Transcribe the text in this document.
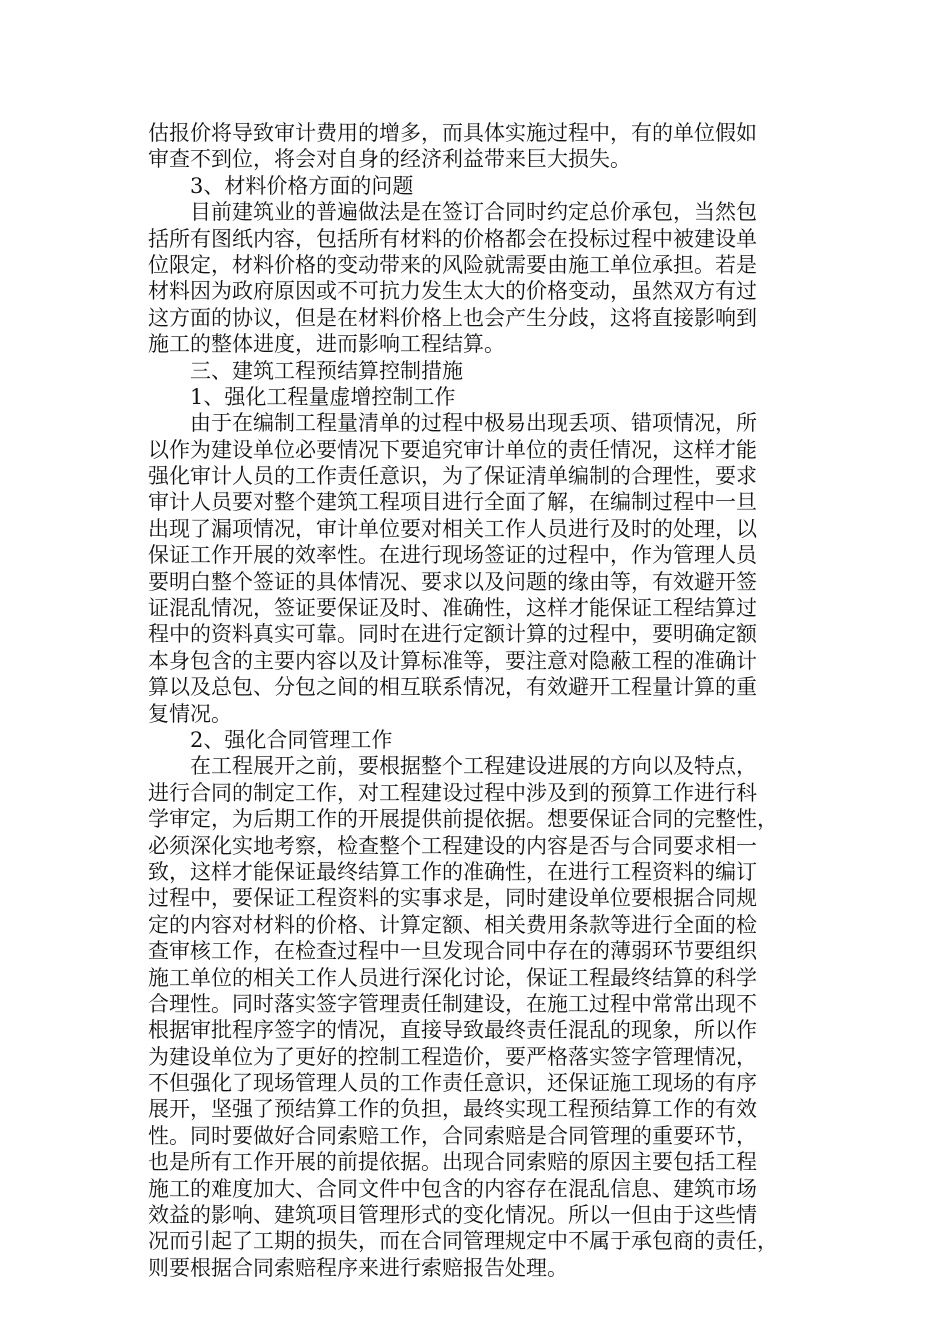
估报价将导致审计费用的增多，而具体实施过程中，有的单位假如
审查不到位，将会对自身的经济利益带来巨大损失。
3、材料价格方面的问题
目前建筑业的普遍做法是在签订合同时约定总价承包，当然包
括所有图纸内容，包括所有材料的价格都会在投标过程中被建设单
位限定，材料价格的变动带来的风险就需要由施工单位承担。若是
材料因为政府原因或不可抗力发生太大的价格变动，虽然双方有过
这方面的协议，但是在材料价格上也会产生分歧，这将直接影响到
施工的整体进度，进而影响工程结算。
三、建筑工程预结算控制措施
1、强化工程量虚增控制工作
由于在编制工程量清单的过程中极易出现丢项、错项情况，所
以作为建设单位必要情况下要追究审计单位的责任情况，这样才能
强化审计人员的工作责任意识，为了保证清单编制的合理性，要求
审计人员要对整个建筑工程项目进行全面了解，在编制过程中一旦
出现了漏项情况，审计单位要对相关工作人员进行及时的处理，以
保证工作开展的效率性。在进行现场签证的过程中，作为管理人员
要明白整个签证的具体情况、要求以及问题的缘由等，有效避开签
证混乱情况，签证要保证及时、准确性，这样才能保证工程结算过
程中的资料真实可靠。同时在进行定额计算的过程中，要明确定额
本身包含的主要内容以及计算标准等，要注意对隐蔽工程的准确计
算以及总包、分包之间的相互联系情况，有效避开工程量计算的重
复情况。
2、强化合同管理工作
在工程展开之前，要根据整个工程建设进展的方向以及特点，
进行合同的制定工作，对工程建设过程中涉及到的预算工作进行科
学审定，为后期工作的开展提供前提依据。想要保证合同的完整性，
必须深化实地考察，检查整个工程建设的内容是否与合同要求相一
致，这样才能保证最终结算工作的准确性，在进行工程资料的编订
过程中，要保证工程资料的实事求是，同时建设单位要根据合同规
定的内容对材料的价格、计算定额、相关费用条款等进行全面的检
查审核工作，在检查过程中一旦发现合同中存在的薄弱环节要组织
施工单位的相关工作人员进行深化讨论，保证工程最终结算的科学
合理性。同时落实签字管理责任制建设，在施工过程中常常出现不
根据审批程序签字的情况，直接导致最终责任混乱的现象，所以作
为建设单位为了更好的控制工程造价，要严格落实签字管理情况，
不但强化了现场管理人员的工作责任意识，还保证施工现场的有序
展开，坚强了预结算工作的负担，最终实现工程预结算工作的有效
性。同时要做好合同索赔工作，合同索赔是合同管理的重要环节，
也是所有工作开展的前提依据。出现合同索赔的原因主要包括工程
施工的难度加大、合同文件中包含的内容存在混乱信息、建筑市场
效益的影响、建筑项目管理形式的变化情况。所以一但由于这些情
况而引起了工期的损失，而在合同管理规定中不属于承包商的责任，
则要根据合同索赔程序来进行索赔报告处理。
